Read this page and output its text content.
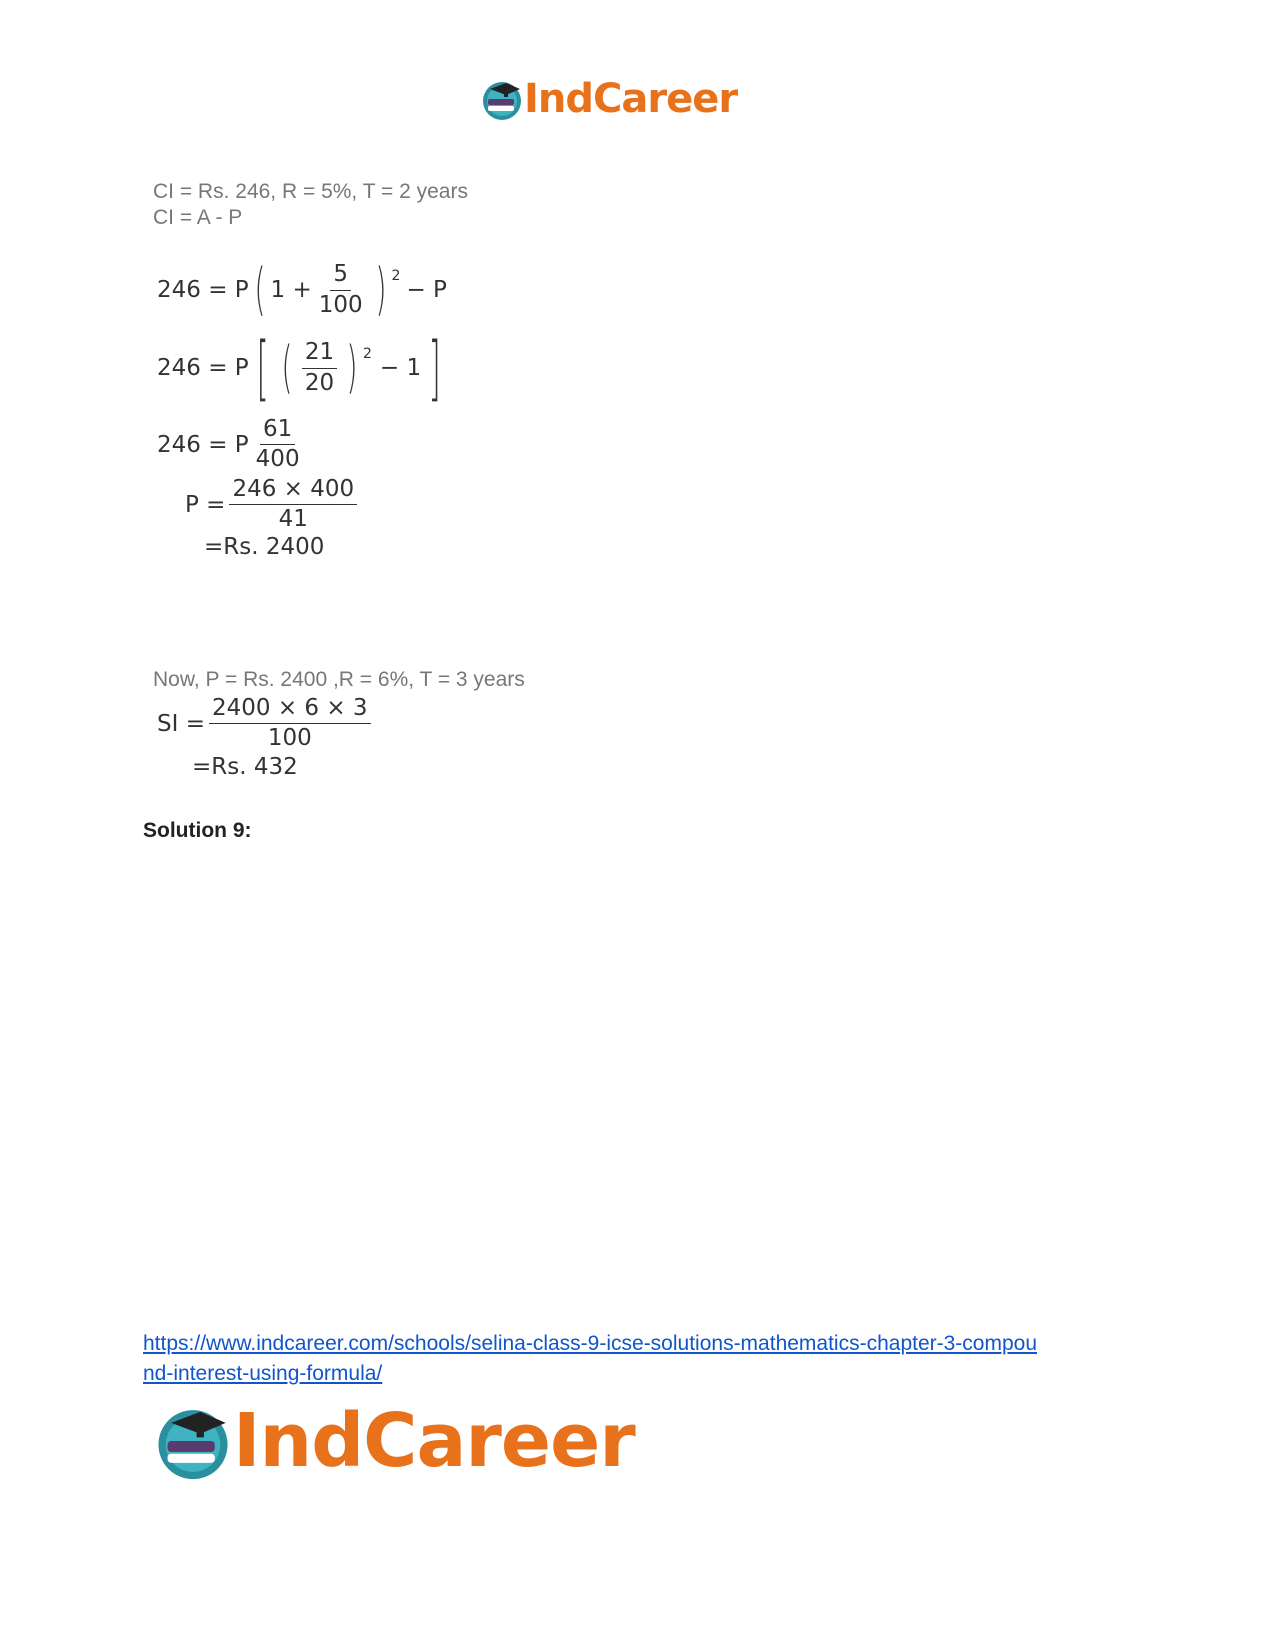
IndCareer
CI = Rs. 246, R = 5%, T = 2 years
CI = A - P
246 = P ( $1 + \frac{5}{100}$ ) $^2$
− P
246 = P [ ( $\frac{21}{20}$ ) $^2$
− 1 ]
246 = P $\frac{61}{400}$
$P = \frac{246 \times 400}{41}$
=Rs. 2400
Now, P = Rs. 2400 ,R = 6%, T = 3 years
SI = $\frac{2400 \times 6 \times 3}{100}$
=Rs. 432
Solution 9:
https://www.indcareer.com/schools/selina-class-9-icse-solutions-mathematics-chapter-3-compou
nd-interest-using-formula/
IndCareer
